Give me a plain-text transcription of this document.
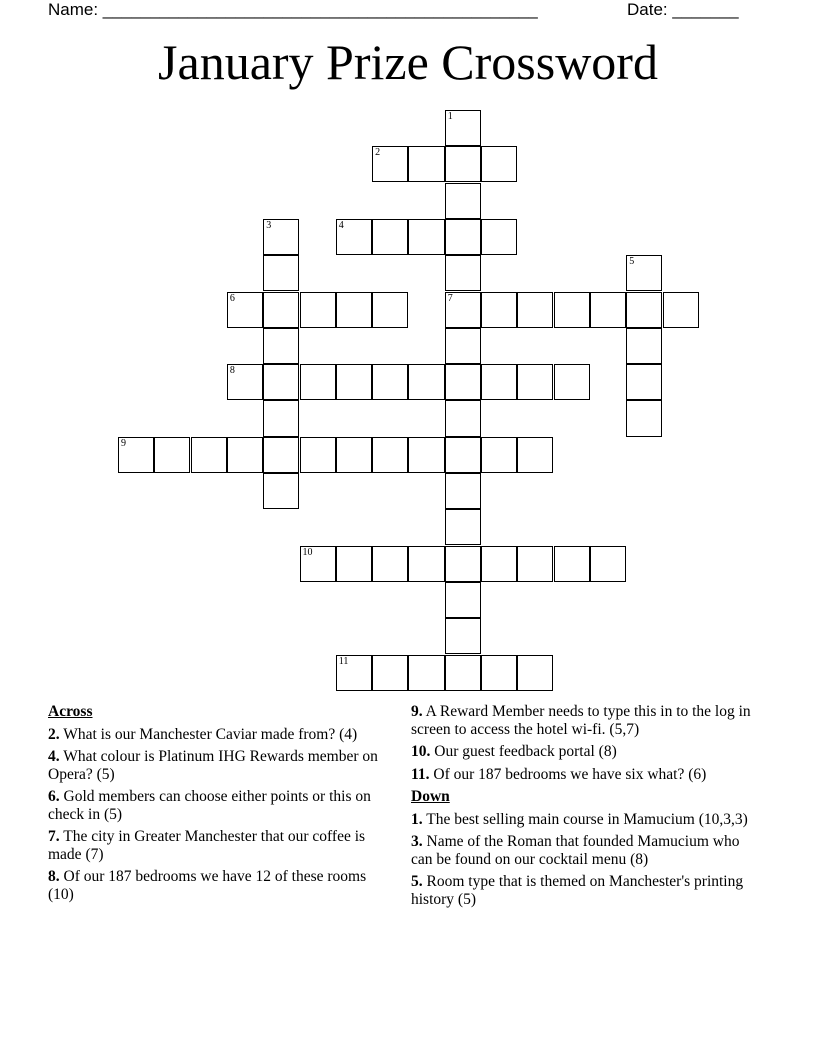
Name: ______________________________________________	Date: _______
January Prize Crossword
1
7
2
3	4
5
6
8
9
10
11
Across
2. What is our Manchester Caviar made from? (4)
4. What colour is Platinum IHG Rewards member on Opera? (5)
6. Gold members can choose either points or this on check in (5)
7. The city in Greater Manchester that our coffee is made (7)
8. Of our 187 bedrooms we have 12 of these rooms (10)
9. A Reward Member needs to type this in to the log in screen to access the hotel wi-fi. (5,7)
10. Our guest feedback portal (8)
11. Of our 187 bedrooms we have six what? (6)
Down
1. The best selling main course in Mamucium (10,3,3)
3. Name of the Roman that founded Mamucium who can be found on our cocktail menu (8)
5. Room type that is themed on Manchester's printing history (5)
